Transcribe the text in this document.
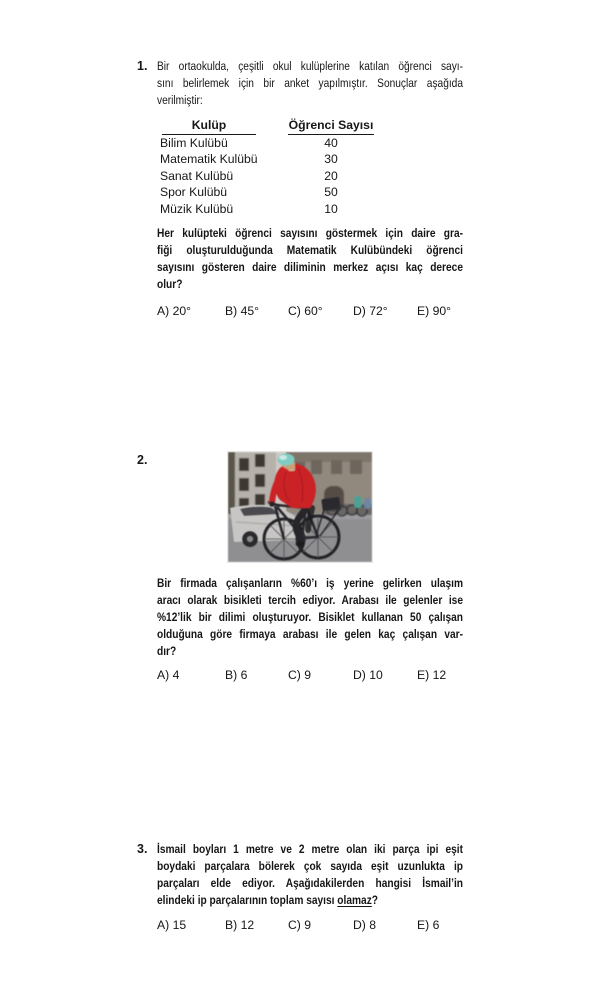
1. Bir ortaokulda, çeşitli okul kulüplerine katılan öğrenci sayı-
sını belirlemek için bir anket yapılmıştır. Sonuçlar aşağıda
verilmiştir:
Kulüp	Öğrenci Sayısı
Bilim Kulübü	40
Matematik Kulübü	30
Sanat Kulübü	20
Spor Kulübü	50
Müzik Kulübü	10
Her kulüpteki öğrenci sayısını göstermek için daire gra-
fiği oluşturulduğunda Matematik Kulübündeki öğrenci
sayısını gösteren daire diliminin merkez açısı kaç derece
olur?
A) 20°	B) 45°	C) 60°	D) 72°	E) 90°
2.
Bir firmada çalışanların %60’ı iş yerine gelirken ulaşım
aracı olarak bisikleti tercih ediyor. Arabası ile gelenler ise
%12’lik bir dilimi oluşturuyor. Bisiklet kullanan 50 çalışan
olduğuna göre firmaya arabası ile gelen kaç çalışan var-
dır?
A) 4	B) 6	C) 9	D) 10	E) 12
3. İsmail boyları 1 metre ve 2 metre olan iki parça ipi eşit
boydaki parçalara bölerek çok sayıda eşit uzunlukta ip
parçaları elde ediyor. Aşağıdakilerden hangisi İsmail’in
elindeki ip parçalarının toplam sayısı olamaz?
A) 15	B) 12	C) 9	D) 8	E) 6
